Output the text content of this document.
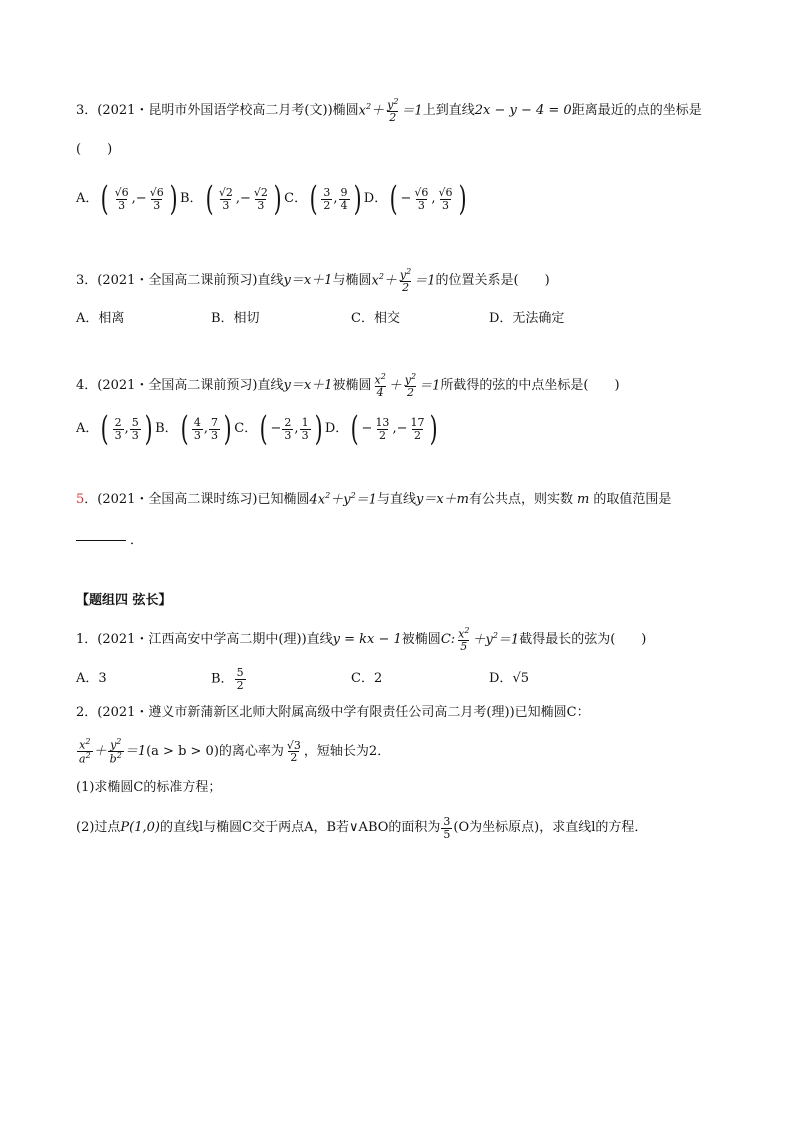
3．(2021・昆明市外国语学校高二月考(文))椭圆 $x^2+ \frac{y^2}{2} =1$ 上到直线 2x − y − 4 = 0 距离最近的点的坐标是
(　　)
A． ( $\frac{√6}{3}$ ,− $\frac{√6}{3}$ ) B． ( $\frac{√2}{3}$ ,− $\frac{√2}{3}$ ) C． ( $\frac{3}{2}$ , $\frac{9}{4}$ ) D． ( − $\frac{√6}{3}$ , $\frac{√6}{3}$ )
3．(2021・全国高二课前预习)直线 y＝x＋1 与椭圆 $x^2+ \frac{y^2}{2} =1$ 的位置关系是(　　)
A．相离	B．相切	C．相交	D．无法确定
4．(2021・全国高二课前预习)直线 y＝x＋1 被椭圆 $\frac{x^2}{4} + \frac{y^2}{2} =1$ 所截得的弦的中点坐标是(　　)
A． ( $\frac{2}{3}$ , $\frac{5}{3}$ ) B． ( $\frac{4}{3}$ , $\frac{7}{3}$ ) C． ( − $\frac{2}{3}$ , $\frac{1}{3}$ ) D． ( − $\frac{13}{2}$ ,− $\frac{17}{2}$ )
5 ．(2021・全国高二课时练习)已知椭圆 $4x^2+y^2=1$ 与直线 y＝x＋m 有公共点，则实数 m 的取值范围是
．
【题组四 弦长】
1．(2021・江西高安中学高二期中(理))直线 y = kx − 1 被椭圆 C: $\frac{x^2}{5} +y^2=1$ 截得最长的弦为(　　)
A．3	B． $\frac{5}{2}$	C．2	D．√5
2．(2021・遵义市新蒲新区北师大附属高级中学有限责任公司高二月考(理))已知椭圆C：
$\frac{x^2}{a^2} + \frac{y^2}{b^2} =1$ (a > b > 0)的离心率为 $\frac{√3}{2}$ ，短轴长为2．
(1)求椭圆C的标准方程；
(2)过点 P(1,0) 的直线l与椭圆C交于两点A，B若∨ABO的面积为 $\frac{3}{5} (O$为坐标原点)，求直线l的方程．
